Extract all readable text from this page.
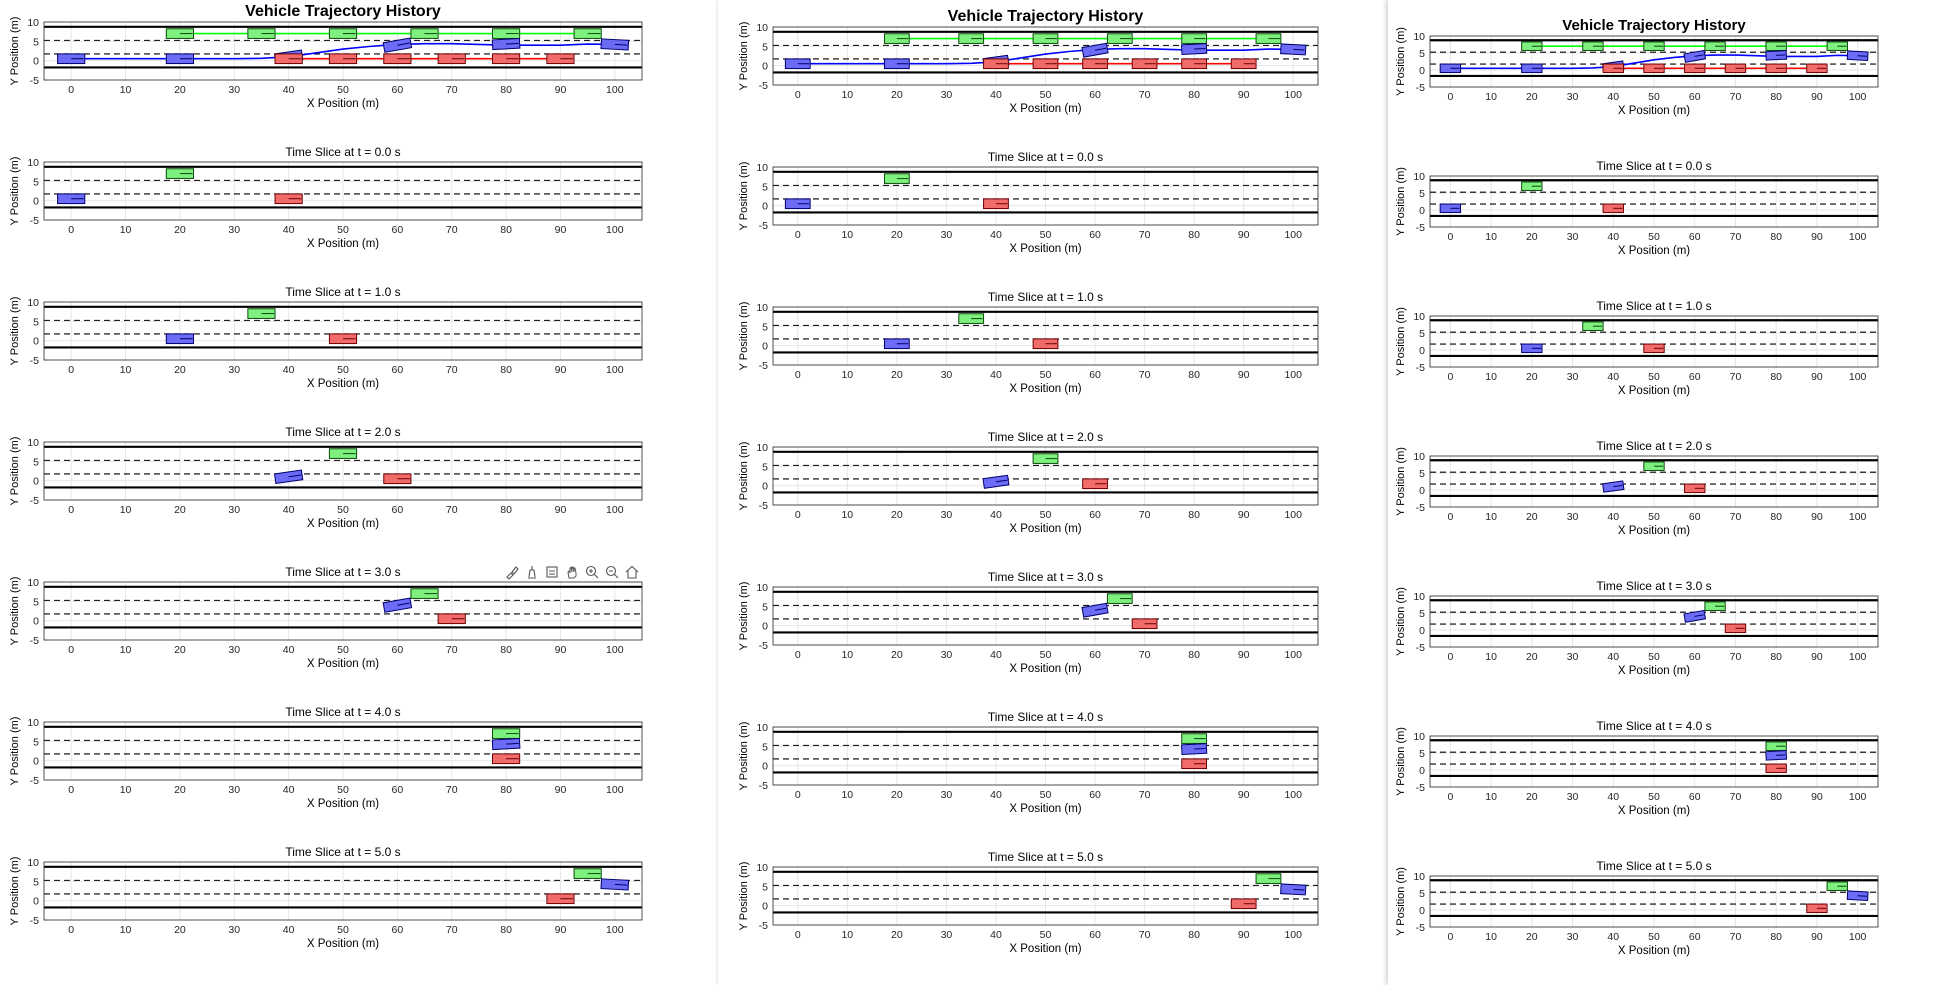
0	10	20	30	40	50	60	70	80	90	100
-5
0
5
10
X Position (m)
Y Position (m)
Vehicle Trajectory History
0	10	20	30	40	50	60	70	80	90	100
-5
0
5
10
X Position (m)
Y Position (m)
Time Slice at t = 0.0 s
0	10	20	30	40	50	60	70	80	90	100
-5
0
5
10
X Position (m)
Y Position (m)
Time Slice at t = 1.0 s
0	10	20	30	40	50	60	70	80	90	100
-5
0
5
10
X Position (m)
Y Position (m)
Time Slice at t = 2.0 s
0	10	20	30	40	50	60	70	80	90	100
-5
0
5
10
X Position (m)
Y Position (m)
Time Slice at t = 3.0 s
0	10	20	30	40	50	60	70	80	90	100
-5
0
5
10
X Position (m)
Y Position (m)
Time Slice at t = 4.0 s
0	10	20	30	40	50	60	70	80	90	100
-5
0
5
10
X Position (m)
Y Position (m)
Time Slice at t = 5.0 s
0	10	20	30	40	50	60	70	80	90	100
-5
0
5
10
X Position (m)
Y Position (m)
Vehicle Trajectory History
0	10	20	30	40	50	60	70	80	90	100
-5
0
5
10
X Position (m)
Y Position (m)
Time Slice at t = 0.0 s
0	10	20	30	40	50	60	70	80	90	100
-5
0
5
10
X Position (m)
Y Position (m)
Time Slice at t = 1.0 s
0	10	20	30	40	50	60	70	80	90	100
-5
0
5
10
X Position (m)
Y Position (m)
Time Slice at t = 2.0 s
0	10	20	30	40	50	60	70	80	90	100
-5
0
5
10
X Position (m)
Y Position (m)
Time Slice at t = 3.0 s
0	10	20	30	40	50	60	70	80	90	100
-5
0
5
10
X Position (m)
Y Position (m)
Time Slice at t = 4.0 s
0	10	20	30	40	50	60	70	80	90	100
-5
0
5
10
X Position (m)
Y Position (m)
Time Slice at t = 5.0 s
0	10	20	30	40	50	60	70	80	90 100
-5
0
5
10
X Position (m)
Y Position (m)
Vehicle Trajectory History
0	10	20	30	40	50	60	70	80	90 100
-5
0
5
10
X Position (m)
Y Position (m)
Time Slice at t = 0.0 s
0	10	20	30	40	50	60	70	80	90 100
-5
0
5
10
X Position (m)
Y Position (m)
Time Slice at t = 1.0 s
0	10	20	30	40	50	60	70	80	90 100
-5
0
5
10
X Position (m)
Y Position (m)
Time Slice at t = 2.0 s
0	10	20	30	40	50	60	70	80	90 100
-5
0
5
10
X Position (m)
Y Position (m)
Time Slice at t = 3.0 s
0	10	20	30	40	50	60	70	80	90 100
-5
0
5
10
X Position (m)
Y Position (m)
Time Slice at t = 4.0 s
0	10	20	30	40	50	60	70	80	90 100
-5
0
5
10
X Position (m)
Y Position (m)
Time Slice at t = 5.0 s
